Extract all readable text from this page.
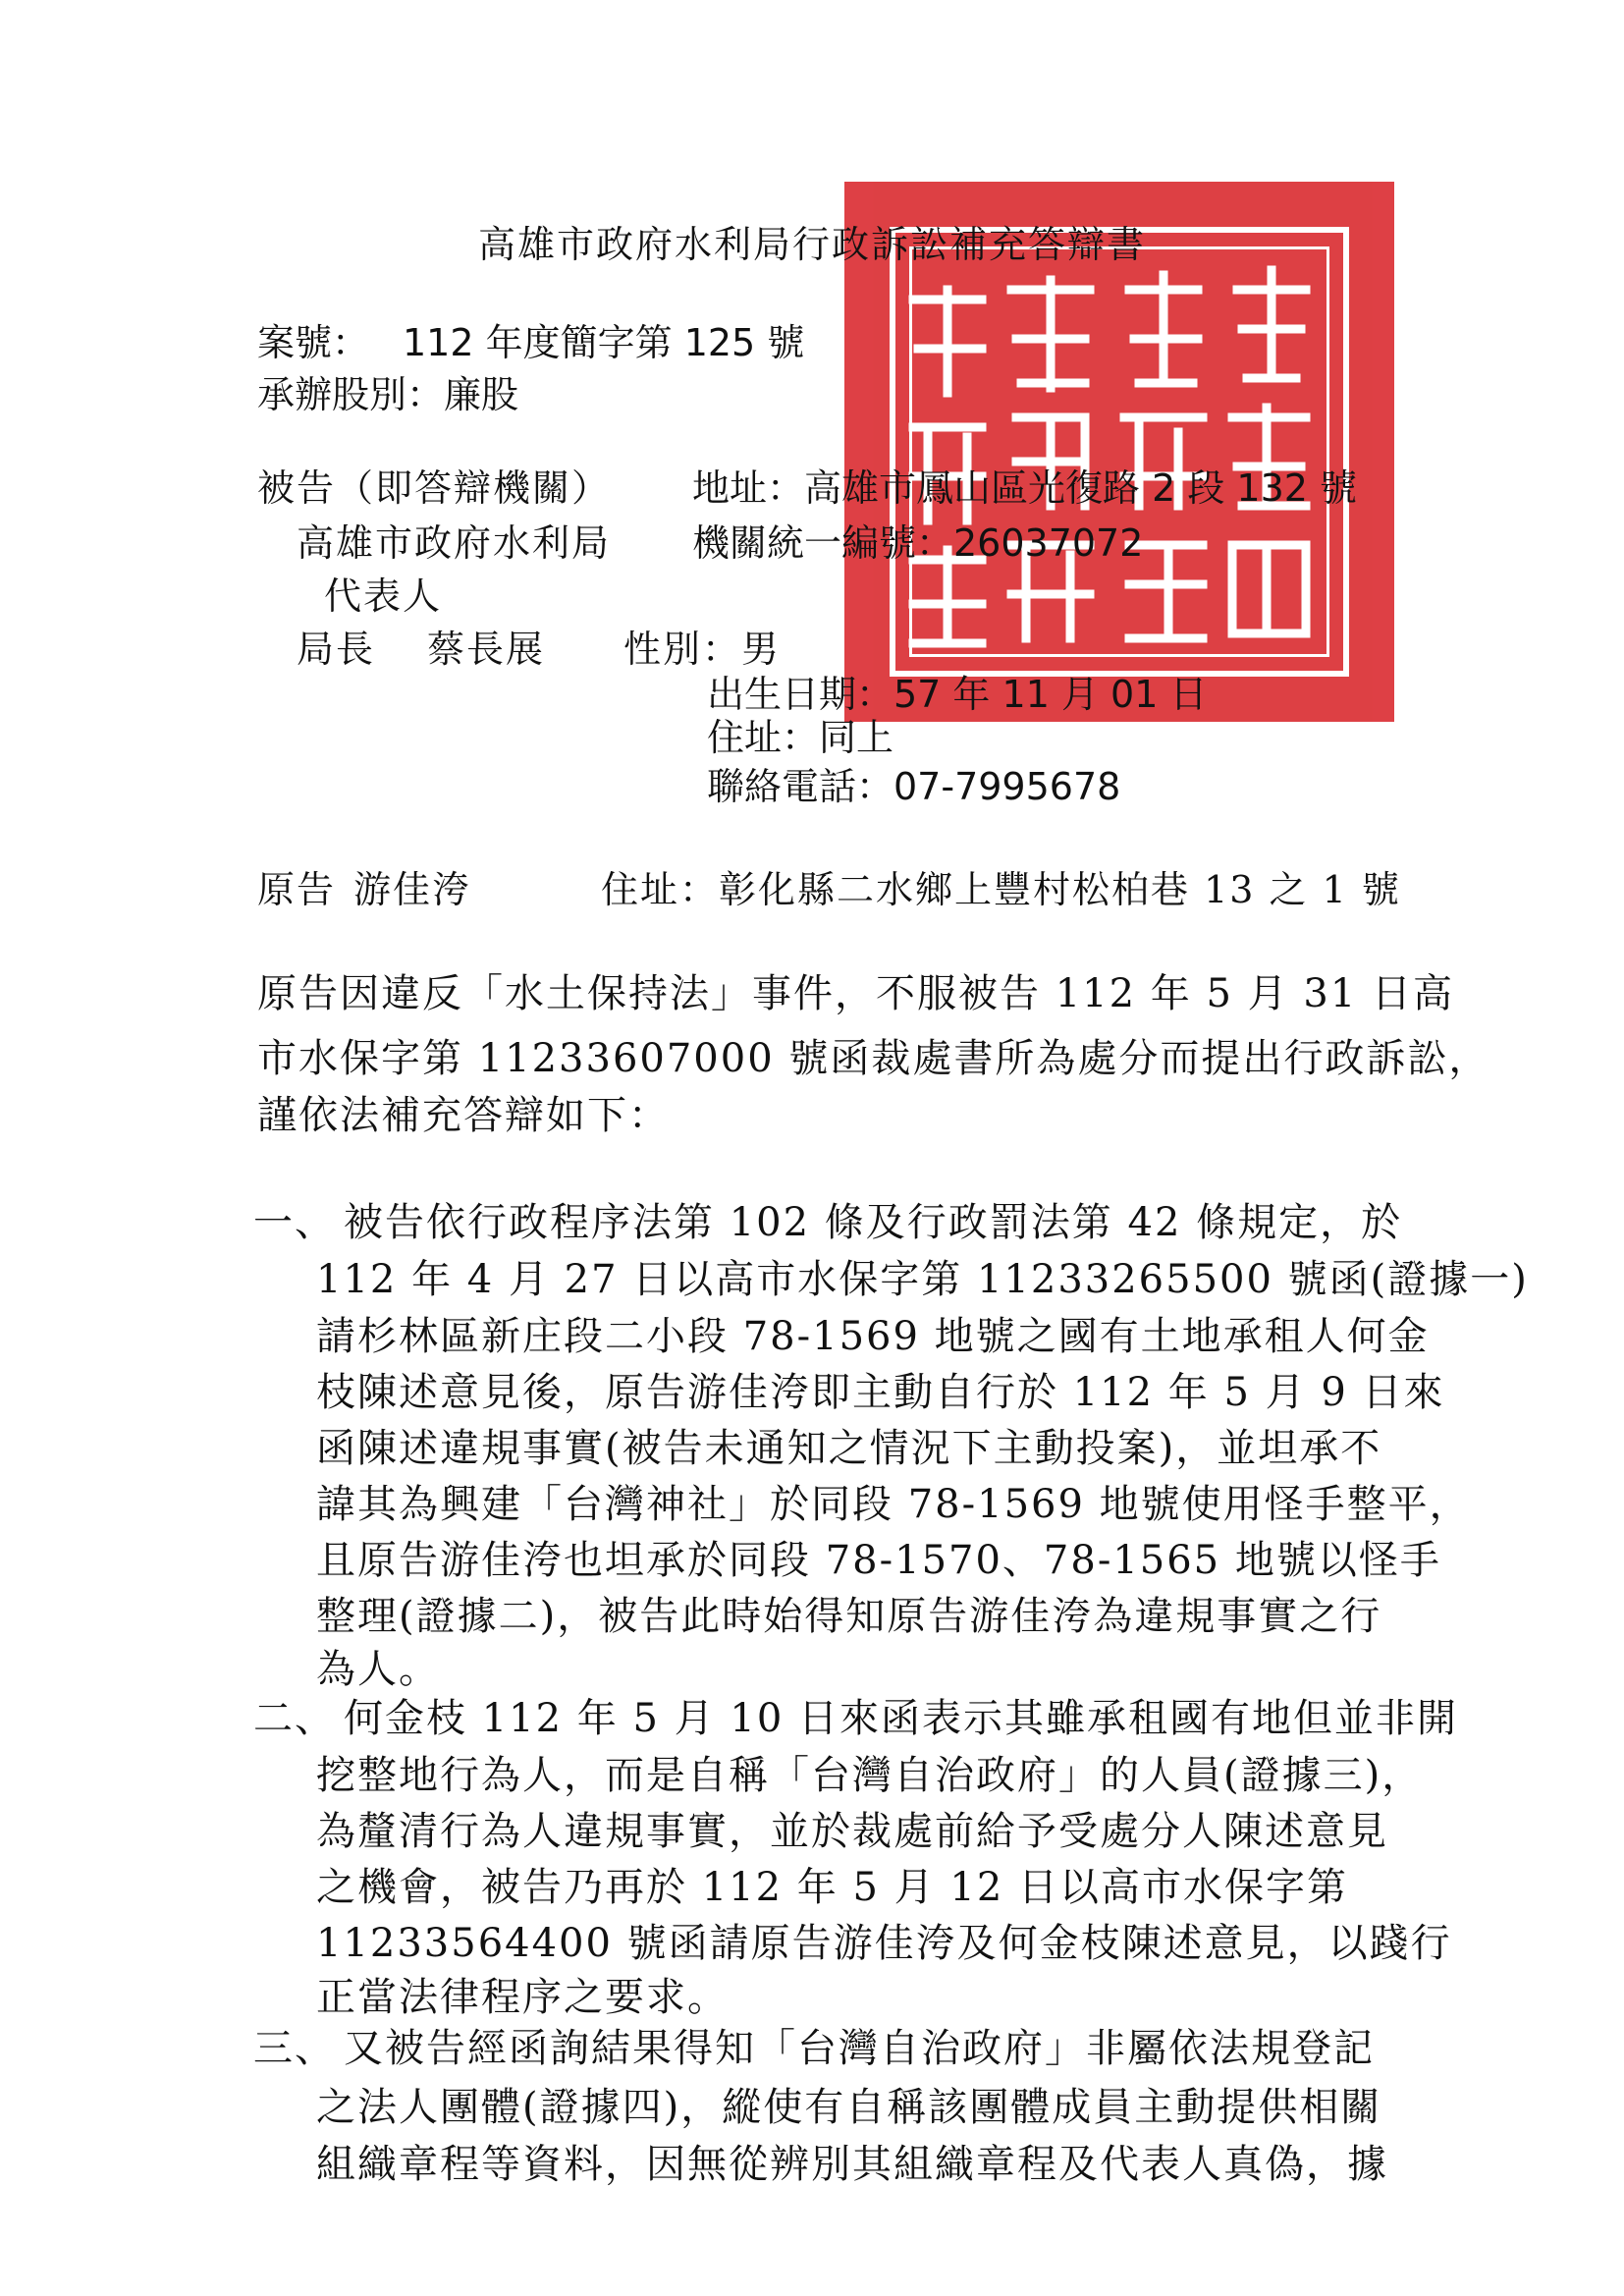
高雄市政府水利局行政訴訟補充答辯書
案號： 112 年度簡字第 125 號
承辦股別： 廉股
被告（即答辯機關） 地址：高雄市鳳山區光復路 2 段 132 號
高雄市政府水利局 機關統一編號：26037072
代表人
局長 蔡長展 性別：男
出生日期：57 年 11 月 01 日
住址：同上
聯絡電話：07-7995678
原告 游佳洿	住址：彰化縣二水鄉上豐村松柏巷 13 之 1 號
原告因違反「水土保持法」事件，不服被告 112 年 5 月 31 日高
市水保字第 11233607000 號函裁處書所為處分而提出行政訴訟，
謹依法補充答辯如下：
一、 被告依行政程序法第 102 條及行政罰法第 42 條規定，於
112 年 4 月 27 日以高市水保字第 11233265500 號函(證據一)
請杉林區新庄段二小段 78-1569 地號之國有土地承租人何金
枝陳述意見後，原告游佳洿即主動自行於 112 年 5 月 9 日來
函陳述違規事實(被告未通知之情況下主動投案)，並坦承不
諱其為興建「台灣神社」於同段 78-1569 地號使用怪手整平，
且原告游佳洿也坦承於同段 78-1570、78-1565 地號以怪手
整理(證據二)，被告此時始得知原告游佳洿為違規事實之行
為人。
二、 何金枝 112 年 5 月 10 日來函表示其雖承租國有地但並非開
挖整地行為人，而是自稱「台灣自治政府」的人員(證據三)，
為釐清行為人違規事實，並於裁處前給予受處分人陳述意見
之機會，被告乃再於 112 年 5 月 12 日以高市水保字第
11233564400 號函請原告游佳洿及何金枝陳述意見，以踐行
正當法律程序之要求。
三、 又被告經函詢結果得知「台灣自治政府」非屬依法規登記
之法人團體(證據四)，縱使有自稱該團體成員主動提供相關
組織章程等資料，因無從辨別其組織章程及代表人真偽，據
